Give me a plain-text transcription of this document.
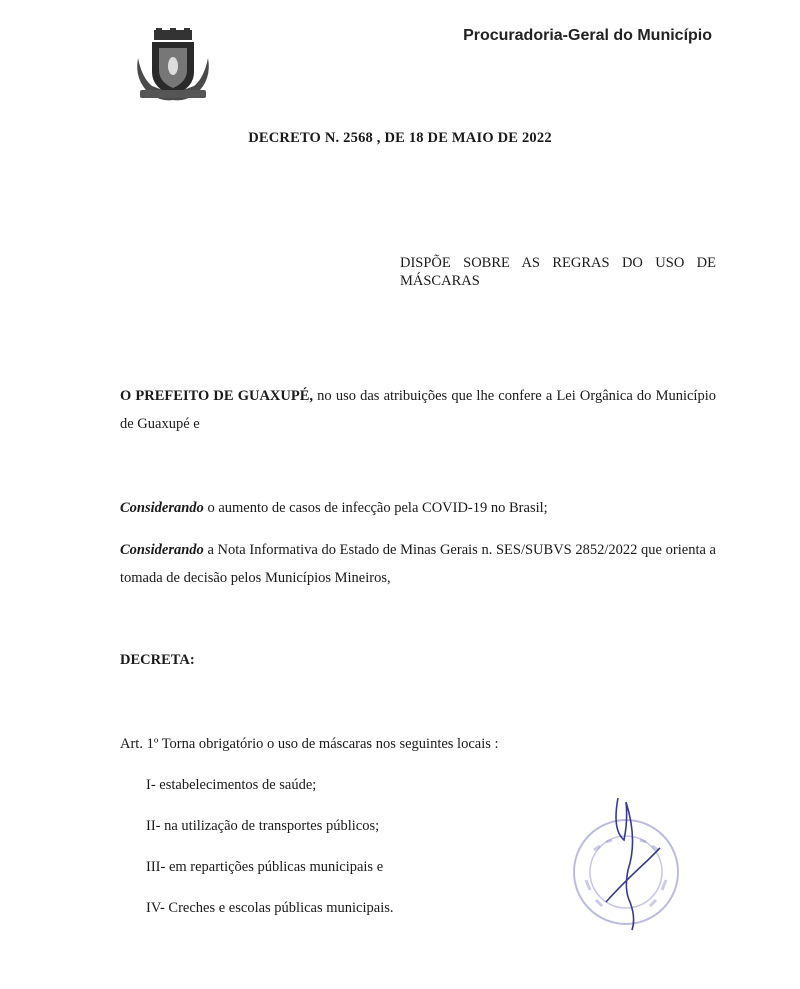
Procuradoria-Geral do Município
DECRETO N. 2568 , DE 18 DE MAIO DE 2022
DISPÕE SOBRE AS REGRAS DO USO DE MÁSCARAS
O PREFEITO DE GUAXUPÉ, no uso das atribuições que lhe confere a Lei Orgânica do Município de Guaxupé e
Considerando o aumento de casos de infecção pela COVID-19 no Brasil;
Considerando a Nota Informativa do Estado de Minas Gerais n. SES/SUBVS 2852/2022 que orienta a tomada de decisão pelos Municípios Mineiros,
DECRETA:
Art. 1º Torna obrigatório o uso de máscaras nos seguintes locais :
I- estabelecimentos de saúde;
II- na utilização de transportes públicos;
III- em repartições públicas municipais e
IV- Creches e escolas públicas municipais.
